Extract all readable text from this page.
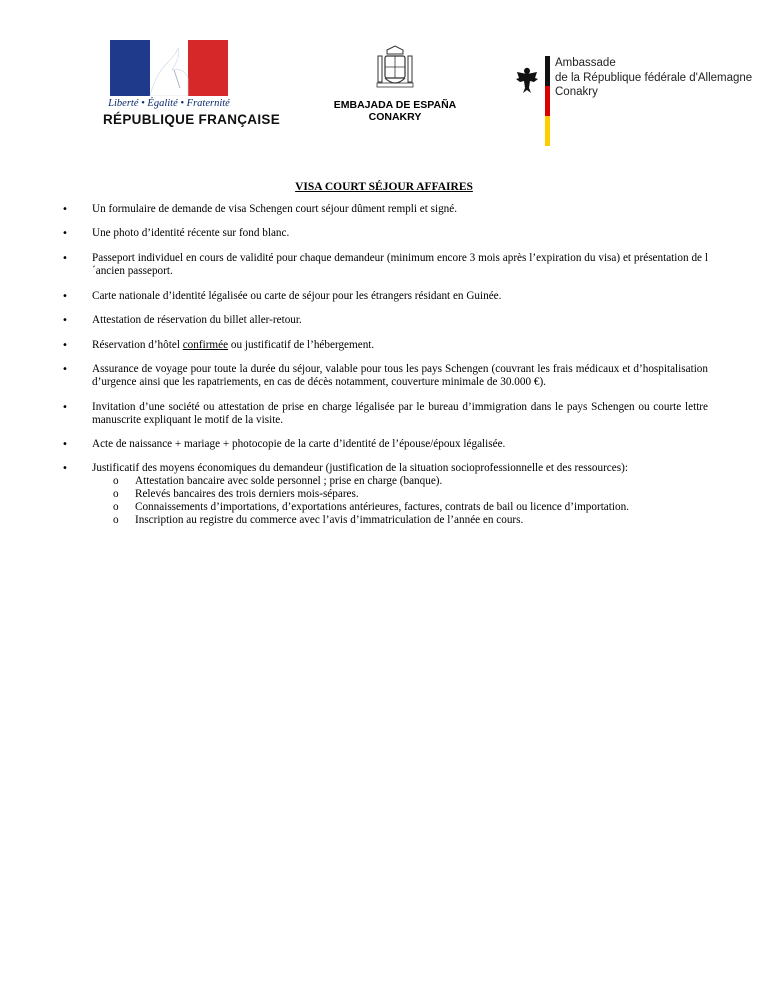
Liberté • Égalité • Fraternité
RÉPUBLIQUE FRANÇAISE
EMBAJADA DE ESPAÑA
CONAKRY
Ambassade
de la République fédérale d'Allemagne
Conakry
VISA COURT SÉJOUR AFFAIRES
• Un formulaire de demande de visa Schengen court séjour dûment rempli et signé.
• Une photo d’identité récente sur fond blanc.
• Passeport individuel en cours de validité pour chaque demandeur (minimum encore 3 mois après l’expiration du visa) et présentation de l´ancien passeport.
• Carte nationale d’identité légalisée ou carte de séjour pour les étrangers résidant en Guinée.
• Attestation de réservation du billet aller-retour.
• Réservation d’hôtel confirmée ou justificatif de l’hébergement.
• Assurance de voyage pour toute la durée du séjour, valable pour tous les pays Schengen (couvrant les frais médicaux et d’hospitalisation d’urgence ainsi que les rapatriements, en cas de décès notamment, couverture minimale de 30.000 €).
• Invitation d’une société ou attestation de prise en charge légalisée par le bureau d’immigration dans le pays Schengen ou courte lettre manuscrite expliquant le motif de la visite.
• Acte de naissance + mariage + photocopie de la carte d’identité de l’épouse/époux légalisée.
• Justificatif des moyens économiques du demandeur (justification de la situation socioprofessionnelle et des ressources):
o Attestation bancaire avec solde personnel ; prise en charge (banque).
o Relevés bancaires des trois derniers mois-sépares.
o Connaissements d’importations, d’exportations antérieures, factures, contrats de bail ou licence d’importation.
o Inscription au registre du commerce avec l’avis d’immatriculation de l’année en cours.
